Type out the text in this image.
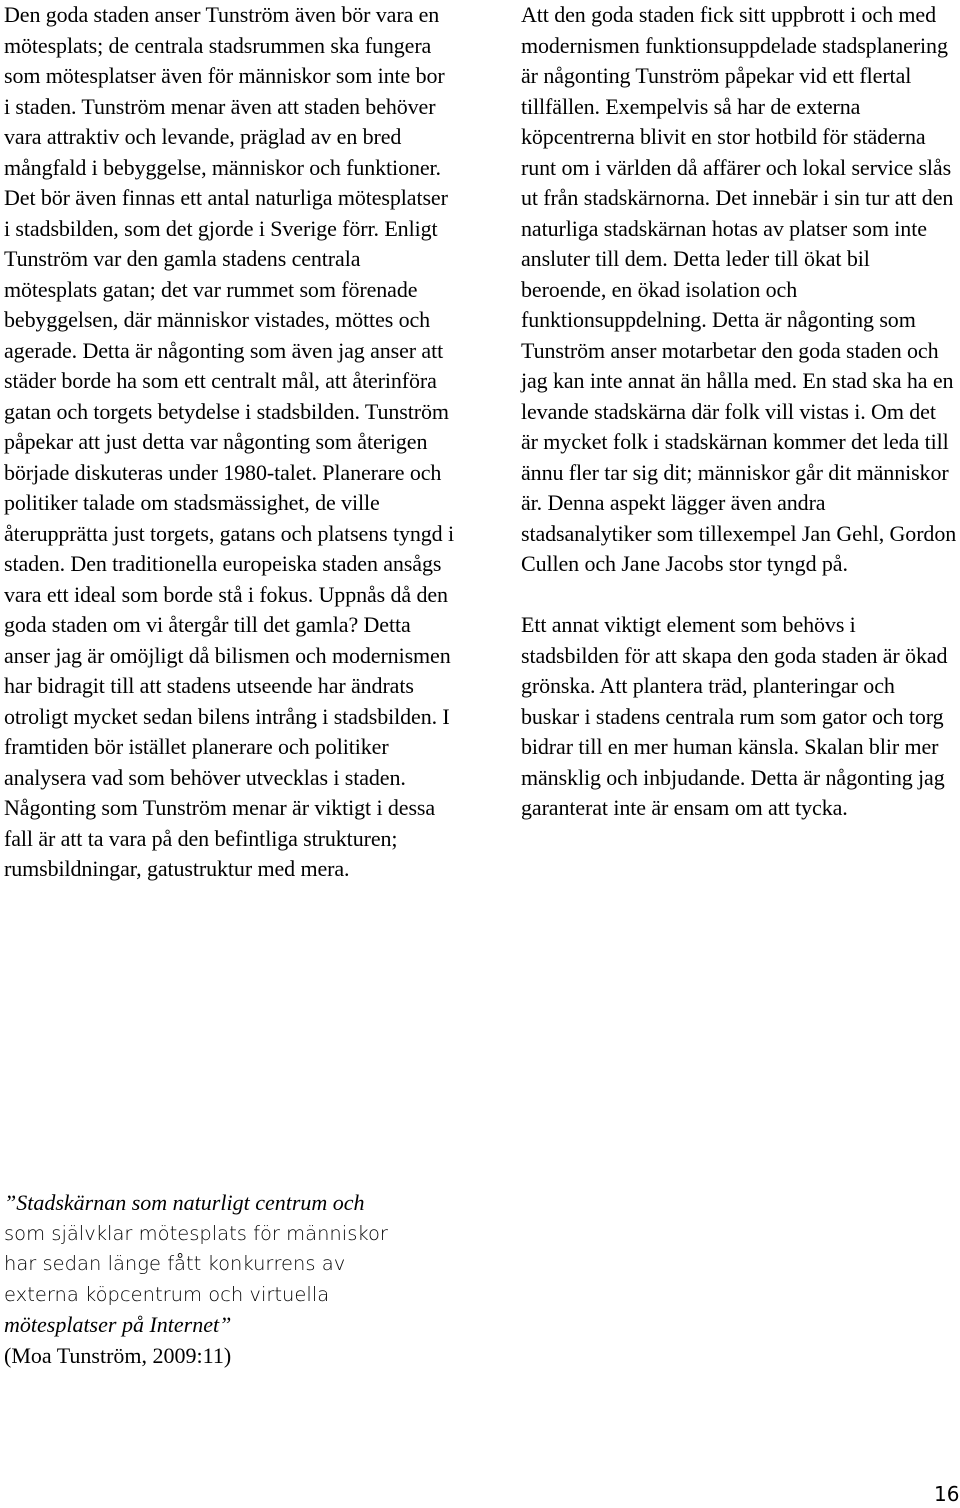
Den goda staden anser Tunström även bör vara en mötesplats; de centrala stadsrummen ska fungera som mötesplatser även för människor som inte bor i staden. Tunström menar även att staden behöver vara attraktiv och levande, präglad av en bred mångfald i bebyggelse, människor och funktioner. Det bör även finnas ett antal naturliga mötesplatser i stadsbilden, som det gjorde i Sverige förr. Enligt Tunström var den gamla stadens centrala mötesplats gatan; det var rummet som förenade bebyggelsen, där människor vistades, möttes och agerade. Detta är någonting som även jag anser att städer borde ha som ett centralt mål, att återinföra gatan och torgets betydelse i stadsbilden. Tunström påpekar att just detta var någonting som återigen började diskuteras under 1980-talet. Planerare och politiker talade om stadsmässighet, de ville återupprätta just torgets, gatans och platsens tyngd i staden. Den traditionella europeiska staden ansågs vara ett ideal som borde stå i fokus. Uppnås då den goda staden om vi återgår till det gamla? Detta anser jag är omöjligt då bilismen och modernismen har bidragit till att stadens utseende har ändrats otroligt mycket sedan bilens intrång i stadsbilden. I framtiden bör istället planerare och politiker analysera vad som behöver utvecklas i staden. Någonting som Tunström menar är viktigt i dessa fall är att ta vara på den befintliga strukturen; rumsbildningar, gatustruktur med mera.

Att den goda staden fick sitt uppbrott i och med modernismen funktionsuppdelade stadsplanering är någonting Tunström påpekar vid ett flertal tillfällen. Exempelvis så har de externa köpcentrerna blivit en stor hotbild för städerna runt om i världen då affärer och lokal service slås ut från stadskärnorna. Det innebär i sin tur att den naturliga stadskärnan hotas av platser som inte ansluter till dem. Detta leder till ökat bil beroende, en ökad isolation och funktionsuppdelning. Detta är någonting som Tunström anser motarbetar den goda staden och jag kan inte annat än hålla med. En stad ska ha en levande stadskärna där folk vill vistas i. Om det är mycket folk i stadskärnan kommer det leda till ännu fler tar sig dit; människor går dit människor är. Denna aspekt lägger även andra stadsanalytiker som tillexempel Jan Gehl, Gordon Cullen och Jane Jacobs stor tyngd på.

Ett annat viktigt element som behövs i stadsbilden för att skapa den goda staden är ökad grönska. Att plantera träd, planteringar och buskar i stadens centrala rum som gator och torg bidrar till en mer human känsla. Skalan blir mer mänsklig och inbjudande. Detta är någonting jag garanterat inte är ensam om att tycka.

”Stadskärnan som naturligt centrum och
som självklar mötesplats för människor
har sedan länge fått konkurrens av
externa köpcentrum och virtuella
mötesplatser på Internet”
(Moa Tunström, 2009:11)
16
